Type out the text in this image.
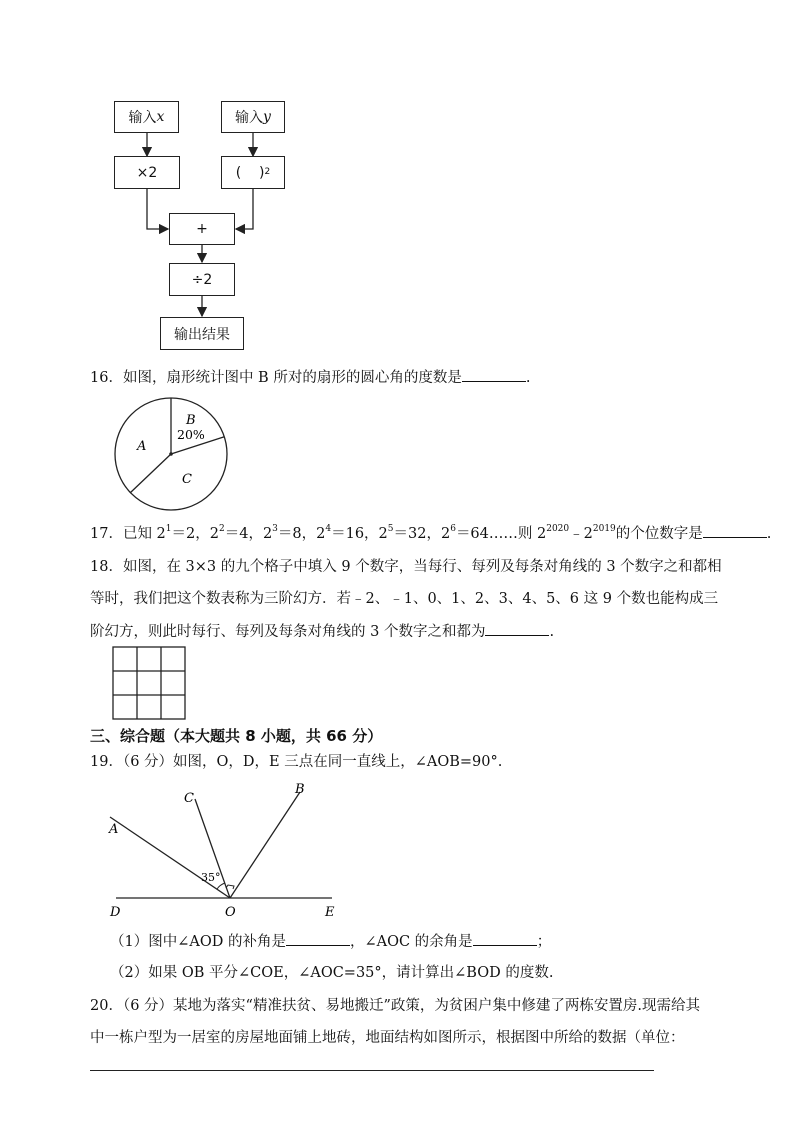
输入 x	输入 y
×2	(    )$^2$
+
÷2
输出结果
16．如图，扇形统计图中 B 所对的扇形的圆心角的度数是	.
A
B
20%
C
17．已知 $2^1=2$，$2^2=4$，$2^3=8$，$2^4=16$，$2^5=32$，$2^6=64\dots\dots$则 $2^{2020}﹣2^{2019}$的个位数字是	.
18．如图，在 3×3 的九个格子中填入 9 个数字，当每行、每列及每条对角线的 3 个数字之和都相
等时，我们把这个数表称为三阶幻方．若﹣2、﹣1、0、1、2、3、4、5、6 这 9 个数也能构成三
阶幻方，则此时每行、每列及每条对角线的 3 个数字之和都为	.
三、综合题（本大题共 8 小题，共 66 分）
19．（6 分）如图，O，D，E 三点在同一直线上，∠AOB=90°.
35°
A
C
B
D	O	E
（1）图中∠AOD 的补角是	，∠AOC 的余角是	；
（2）如果 OB 平分∠COE，∠AOC=35°，请计算出∠BOD 的度数.
20．（6 分）某地为落实“精准扶贫、易地搬迁”政策，为贫困户集中修建了两栋安置房.现需给其
中一栋户型为一居室的房屋地面铺上地砖，地面结构如图所示，根据图中所给的数据（单位：
